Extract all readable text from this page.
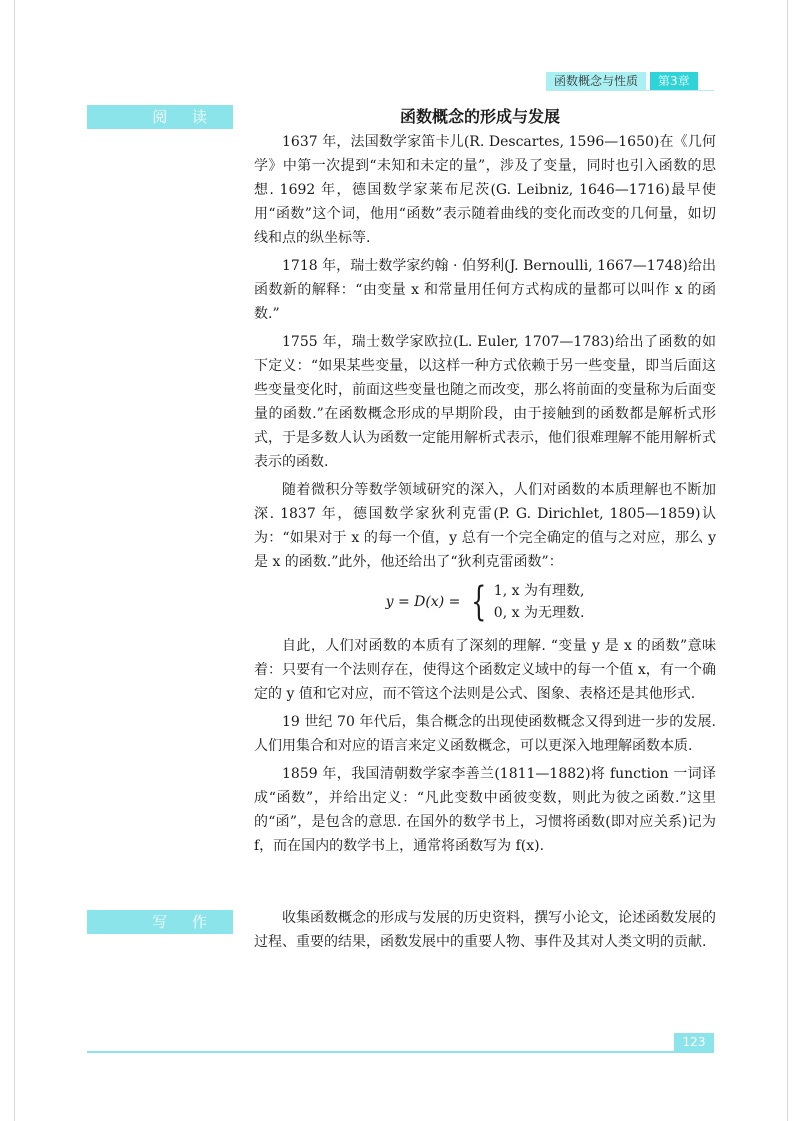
函数概念与性质	第3章
阅 读	函数概念的形成与发展

1637 年，法国数学家笛卡儿(R. Descartes, 1596—1650)在《几何学》中第一次提到“未知和未定的量”，涉及了变量，同时也引入函数的思想. 1692 年，德国数学家莱布尼茨(G. Leibniz, 1646—1716)最早使用“函数”这个词，他用“函数”表示随着曲线的变化而改变的几何量，如切线和点的纵坐标等.

1718 年，瑞士数学家约翰 · 伯努利(J. Bernoulli, 1667—1748)给出函数新的解释：“由变量 x 和常量用任何方式构成的量都可以叫作 x 的函数.”

1755 年，瑞士数学家欧拉(L. Euler, 1707—1783)给出了函数的如下定义：“如果某些变量，以这样一种方式依赖于另一些变量，即当后面这些变量变化时，前面这些变量也随之而改变，那么将前面的变量称为后面变量的函数.”在函数概念形成的早期阶段，由于接触到的函数都是解析式形式，于是多数人认为函数一定能用解析式表示，他们很难理解不能用解析式表示的函数.

随着微积分等数学领域研究的深入，人们对函数的本质理解也不断加深. 1837 年，德国数学家狄利克雷(P. G. Dirichlet, 1805—1859)认为：“如果对于 x 的每一个值，y 总有一个完全确定的值与之对应，那么 y 是 x 的函数.”此外，他还给出了“狄利克雷函数”：

y = D(x) = { 1, x 为有理数,
0, x 为无理数.

自此，人们对函数的本质有了深刻的理解. “变量 y 是 x 的函数”意味着：只要有一个法则存在，使得这个函数定义域中的每一个值 x，有一个确定的 y 值和它对应，而不管这个法则是公式、图象、表格还是其他形式.

19 世纪 70 年代后，集合概念的出现使函数概念又得到进一步的发展. 人们用集合和对应的语言来定义函数概念，可以更深入地理解函数本质.

1859 年，我国清朝数学家李善兰(1811—1882)将 function 一词译成“函数”，并给出定义：“凡此变数中函彼变数，则此为彼之函数.”这里的“函”，是包含的意思. 在国外的数学书上，习惯将函数(即对应关系)记为 f，而在国内的数学书上，通常将函数写为 f(x).

写 作	收集函数概念的形成与发展的历史资料，撰写小论文，论述函数发展的过程、重要的结果，函数发展中的重要人物、事件及其对人类文明的贡献.

123
